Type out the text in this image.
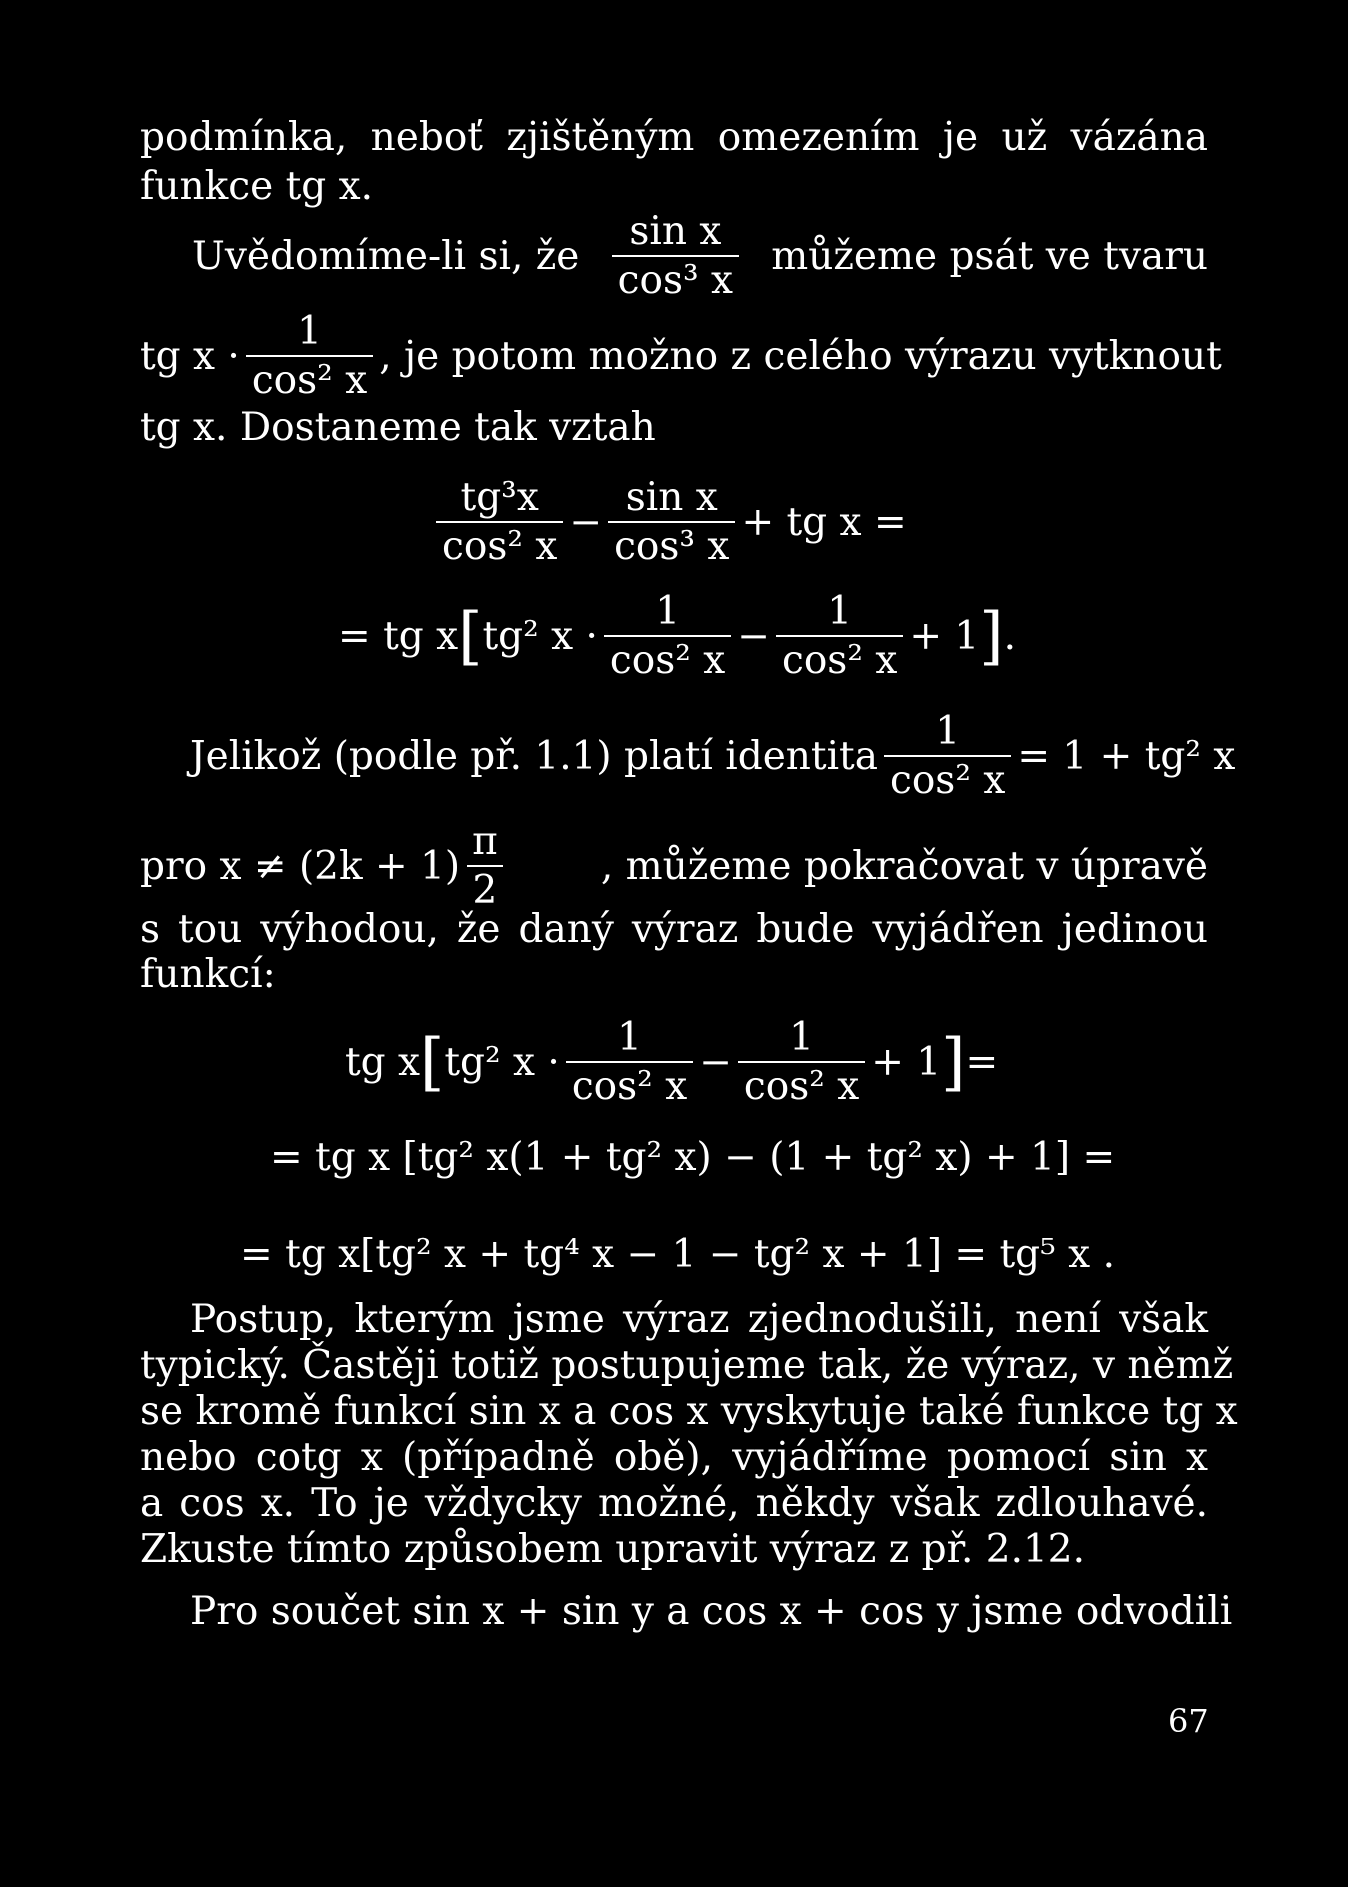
podmínka, neboť zjištěným omezením je už vázána
funkce tg x.
Uvědomíme-li si, že $\frac{\text{sin x}}{\text{cos³ x}}$ můžeme psát ve tvaru
tg $x \cdot \frac{1}{\text{cos² x}}$ , je potom možno z celého výrazu vytknout
tg x. Dostaneme tak vztah
$\frac{\text{tg³x}}{\text{cos² x}} - \frac{\text{sin x}}{\text{cos³ x}}$ + tg x =
= tg x [ tg² $x \cdot \frac{1}{\text{cos² x}} - \frac{1}{\text{cos² x}} + 1$ ] .
Jelikož (podle př. 1.1) platí identita $\frac{1}{\text{cos² x}} = 1 + tg^2$ x
pro $x \ne (2k + 1) \frac{\pi}{2}$ , můžeme pokračovat v úpravě
s tou výhodou, že daný výraz bude vyjádřen jedinou
funkcí:
tg x [ tg² $x \cdot \frac{1}{\text{cos² x}} - \frac{1}{\text{cos² x}} + 1$ ] =
= tg x [tg² x(1 + tg² x) − (1 + tg² x) + 1] =
= tg x[tg² x + tg⁴ x − 1 − tg² x + 1] = tg⁵ x .
Postup, kterým jsme výraz zjednodušili, není však
typický. Častěji totiž postupujeme tak, že výraz, v němž
se kromě funkcí sin x a cos x vyskytuje také funkce tg x
nebo cotg x (případně obě), vyjádříme pomocí sin x
a cos x. To je vždycky možné, někdy však zdlouhavé.
Zkuste tímto způsobem upravit výraz z př. 2.12.
Pro součet sin x + sin y a cos x + cos y jsme odvodili
67
